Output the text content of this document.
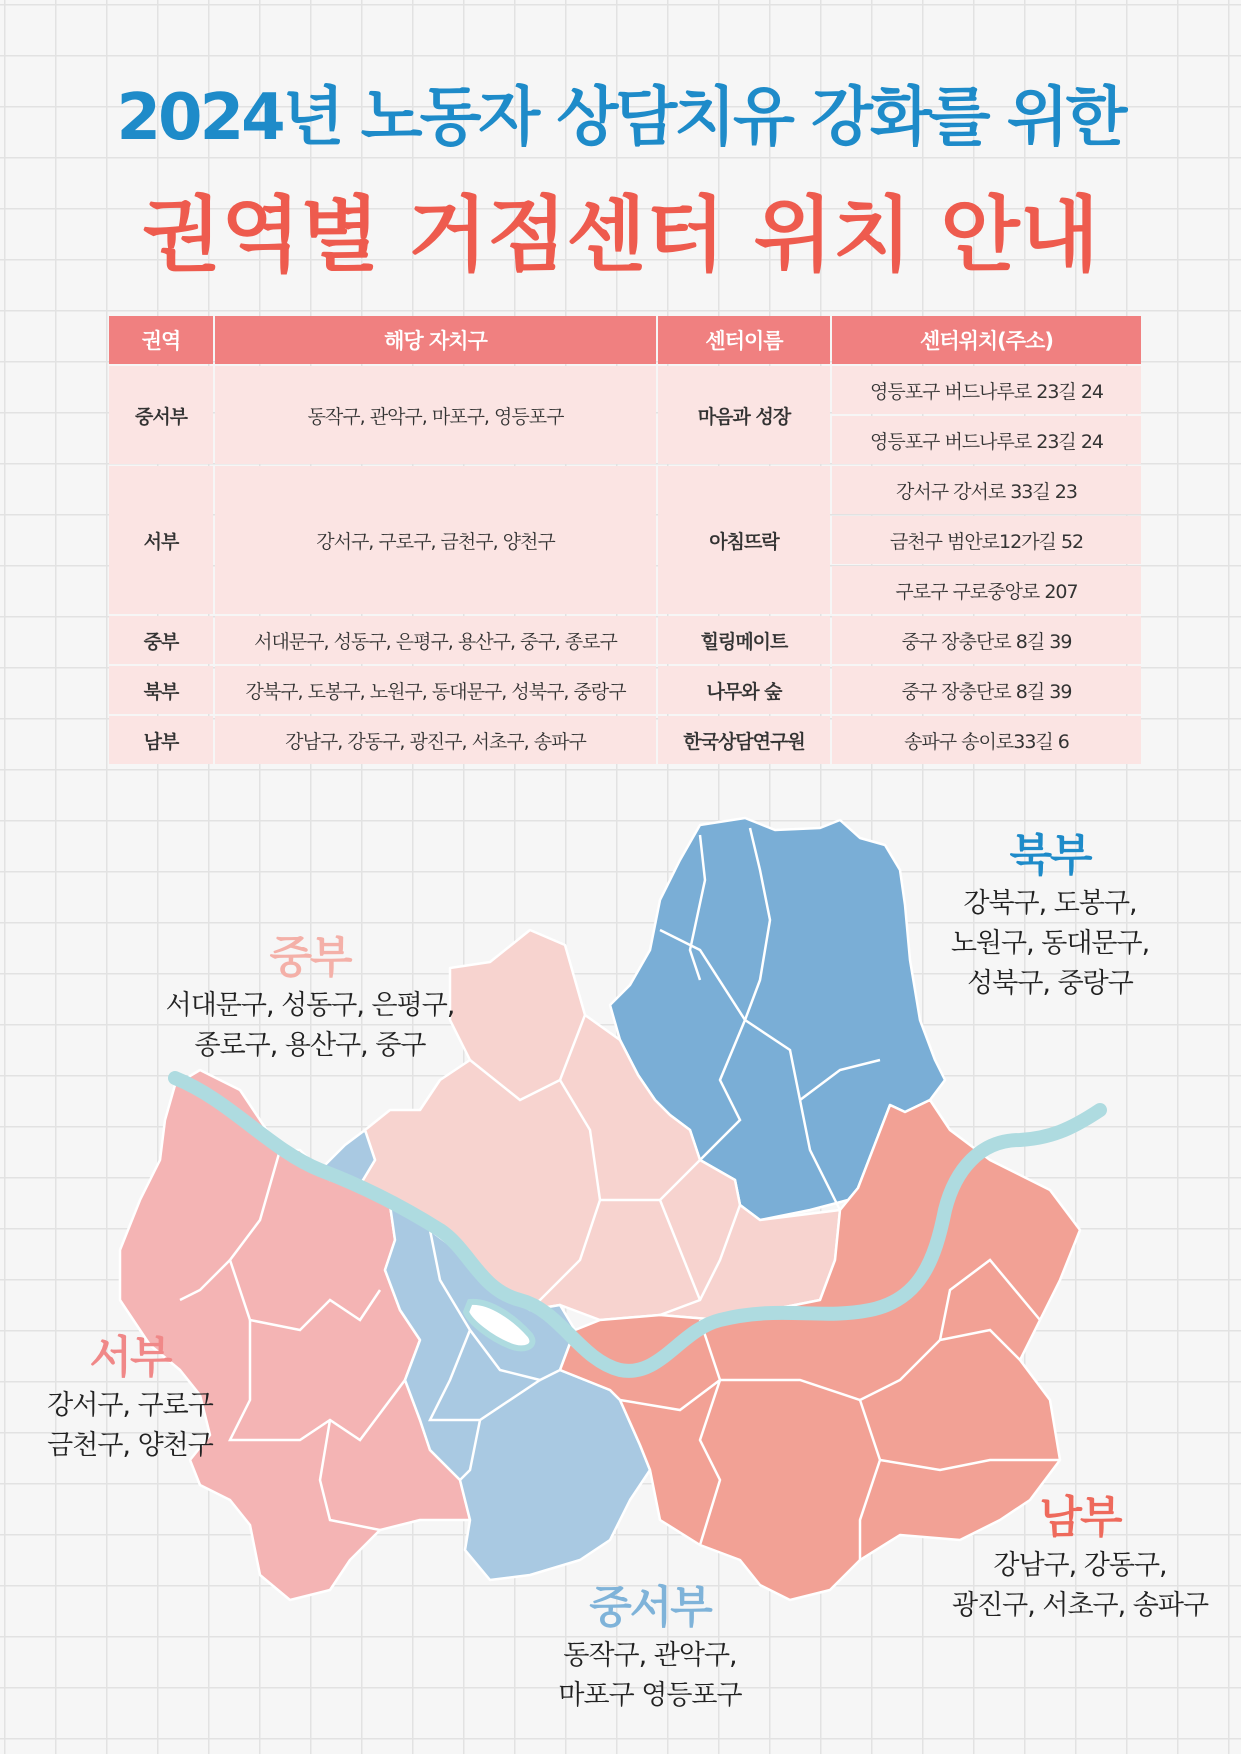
2024년 노동자 상담치유 강화를 위한
권역별 거점센터 위치 안내
권역	해당 자치구	센터이름	센터위치(주소)
중서부	동작구, 관악구, 마포구, 영등포구	마음과 성장	영등포구 버드나루로 23길 24
			영등포구 버드나루로 23길 24
서부	강서구, 구로구, 금천구, 양천구	아침뜨락	강서구 강서로 33길 23
			금천구 범안로12가길 52
			구로구 구로중앙로 207
중부	서대문구, 성동구, 은평구, 용산구, 중구, 종로구	힐링메이트	중구 장충단로 8길 39
북부	강북구, 도봉구, 노원구, 동대문구, 성북구, 중랑구	나무와 숲	중구 장충단로 8길 39
남부	강남구, 강동구, 광진구, 서초구, 송파구	한국상담연구원	송파구 송이로33길 6
북부
강북구, 도봉구,
노원구, 동대문구,
성북구, 중랑구
중부
서대문구, 성동구, 은평구,
종로구, 용산구, 중구
서부
강서구, 구로구
금천구, 양천구
남부
강남구, 강동구,
광진구, 서초구, 송파구
중서부
동작구, 관악구,
마포구 영등포구
